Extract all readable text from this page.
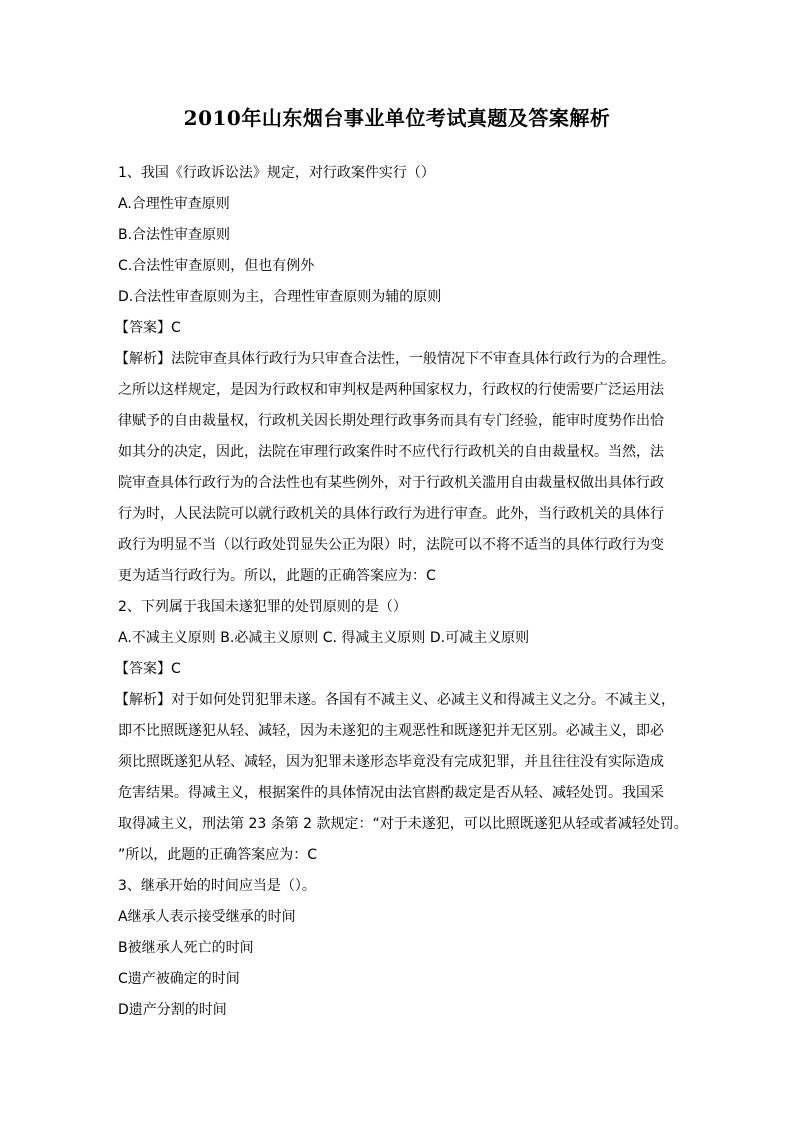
2010年山东烟台事业单位考试真题及答案解析
1、我国《行政诉讼法》规定，对行政案件实行（）
A.合理性审查原则
B.合法性审查原则
C.合法性审查原则，但也有例外
D.合法性审查原则为主，合理性审查原则为辅的原则
【答案】C
【解析】法院审查具体行政行为只审查合法性，一般情况下不审查具体行政行为的合理性。
之所以这样规定，是因为行政权和审判权是两种国家权力，行政权的行使需要广泛运用法
律赋予的自由裁量权，行政机关因长期处理行政事务而具有专门经验，能审时度势作出恰
如其分的决定，因此，法院在审理行政案件时不应代行行政机关的自由裁量权。当然，法
院审查具体行政行为的合法性也有某些例外，对于行政机关滥用自由裁量权做出具体行政
行为时，人民法院可以就行政机关的具体行政行为进行审查。此外，当行政机关的具体行
政行为明显不当（以行政处罚显失公正为限）时，法院可以不将不适当的具体行政行为变
更为适当行政行为。所以，此题的正确答案应为：C
2、下列属于我国未遂犯罪的处罚原则的是（）
A.不减主义原则 B.必减主义原则 C. 得减主义原则 D.可减主义原则
【答案】C
【解析】对于如何处罚犯罪未遂。各国有不减主义、必减主义和得减主义之分。不减主义，
即不比照既遂犯从轻、减轻，因为未遂犯的主观恶性和既遂犯并无区别。必减主义，即必
须比照既遂犯从轻、减轻，因为犯罪未遂形态毕竟没有完成犯罪，并且往往没有实际造成
危害结果。得减主义，根据案件的具体情况由法官斟酌裁定是否从轻、减轻处罚。我国采
取得减主义，刑法第 23 条第 2 款规定：“对于未遂犯，可以比照既遂犯从轻或者减轻处罚。
”所以，此题的正确答案应为：C
3、继承开始的时间应当是（）。
A继承人表示接受继承的时间
B被继承人死亡的时间
C遗产被确定的时间
D遗产分割的时间
